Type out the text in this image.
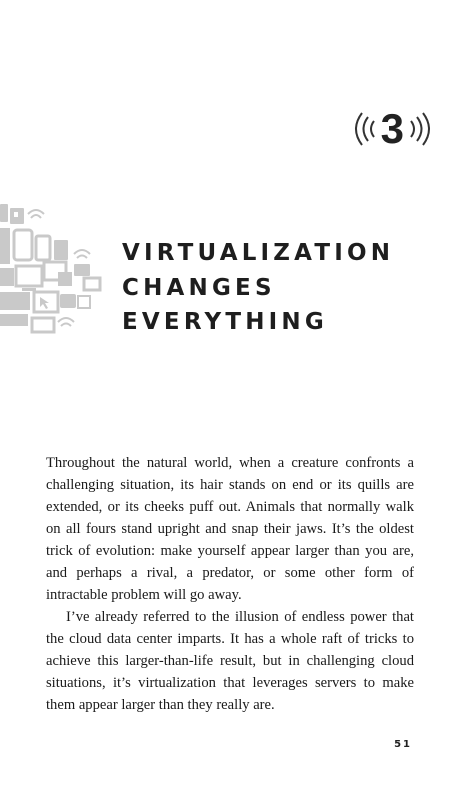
3
VIRTUALIZATION
CHANGES
EVERYTHING

Throughout the natural world, when a creature confronts a challenging situation, its hair stands on end or its quills are extended, or its cheeks puff out. Animals that normally walk on all fours stand upright and snap their jaws. It’s the oldest trick of evolution: make yourself appear larger than you are, and perhaps a rival, a predator, or some other form of intractable problem will go away.

I’ve already referred to the illusion of endless power that the cloud data center imparts. It has a whole raft of tricks to achieve this larger-than-life result, but in challenging cloud situations, it’s virtualization that leverages servers to make them appear larger than they really are.

51
